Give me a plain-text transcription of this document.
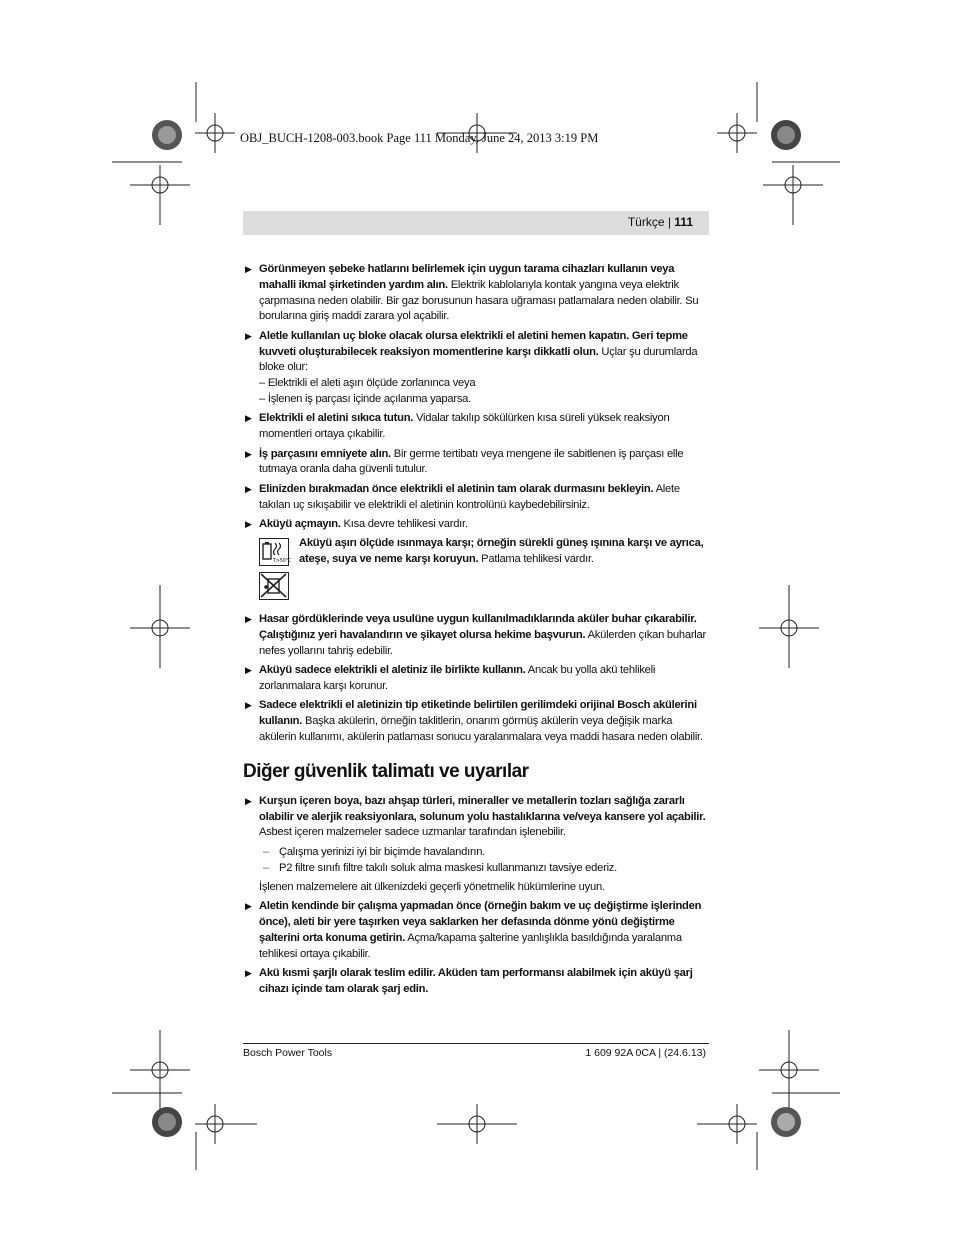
OBJ_BUCH-1208-003.book Page 111 Monday, June 24, 2013 3:19 PM
Türkçe | 111
▶ Görünmeyen şebeke hatlarını belirlemek için uygun tarama cihazları kullanın veya mahalli ikmal şirketinden yardım alın. Elektrik kablolarıyla kontak yangına veya elektrik çarpmasına neden olabilir. Bir gaz borusunun hasara uğraması patlamalara neden olabilir. Su borularına giriş maddi zarara yol açabilir.
▶ Aletle kullanılan uç bloke olacak olursa elektrikli el aletini hemen kapatın. Geri tepme kuvveti oluşturabilecek reaksiyon momentlerine karşı dikkatli olun. Uçlar şu durumlarda bloke olur:
– Elektrikli el aleti aşırı ölçüde zorlanınca veya
– İşlenen iş parçası içinde açılanma yaparsa.
▶ Elektrikli el aletini sıkıca tutun. Vidalar takılıp sökülürken kısa süreli yüksek reaksiyon momentleri ortaya çıkabilir.
▶ İş parçasını emniyete alın. Bir germe tertibatı veya mengene ile sabitlenen iş parçası elle tutmaya oranla daha güvenli tutulur.
▶ Elinizden bırakmadan önce elektrikli el aletinin tam olarak durmasını bekleyin. Alete takılan uç sıkışabilir ve elektrikli el aletinin kontrolünü kaybedebilirsiniz.
▶ Aküyü açmayın. Kısa devre tehlikesi vardır.
T>50°C
Aküyü aşırı ölçüde ısınmaya karşı; örneğin sürekli güneş ışınına karşı ve ayrıca, ateşe, suya ve neme karşı koruyun. Patlama tehlikesi vardır.
▶ Hasar gördüklerinde veya usulüne uygun kullanılmadıklarında aküler buhar çıkarabilir. Çalıştığınız yeri havalandırın ve şikayet olursa hekime başvurun. Akülerden çıkan buharlar nefes yollarını tahriş edebilir.
▶ Aküyü sadece elektrikli el aletiniz ile birlikte kullanın. Ancak bu yolla akü tehlikeli zorlanmalara karşı korunur.
▶ Sadece elektrikli el aletinizin tip etiketinde belirtilen gerilimdeki orijinal Bosch akülerini kullanın. Başka akülerin, örneğin taklitlerin, onarım görmüş akülerin veya değişik marka akülerin kullanımı, akülerin patlaması sonucu yaralanmalara veya maddi hasara neden olabilir.
Diğer güvenlik talimatı ve uyarılar
▶ Kurşun içeren boya, bazı ahşap türleri, mineraller ve metallerin tozları sağlığa zararlı olabilir ve alerjik reaksiyonlara, solunum yolu hastalıklarına ve/veya kansere yol açabilir. Asbest içeren malzemeler sadece uzmanlar tarafından işlenebilir.
– Çalışma yerinizi iyi bir biçimde havalandırın.
– P2 filtre sınıfı filtre takılı soluk alma maskesi kullanmanızı tavsiye ederiz.
İşlenen malzemelere ait ülkenizdeki geçerli yönetmelik hükümlerine uyun.
▶ Aletin kendinde bir çalışma yapmadan önce (örneğin bakım ve uç değiştirme işlerinden önce), aleti bir yere taşırken veya saklarken her defasında dönme yönü değiştirme şalterini orta konuma getirin. Açma/kapama şalterine yanlışlıkla basıldığında yaralanma tehlikesi ortaya çıkabilir.
▶ Akü kısmi şarjlı olarak teslim edilir. Aküden tam performansı alabilmek için aküyü şarj cihazı içinde tam olarak şarj edin.
Bosch Power Tools	1 609 92A 0CA | (24.6.13)
